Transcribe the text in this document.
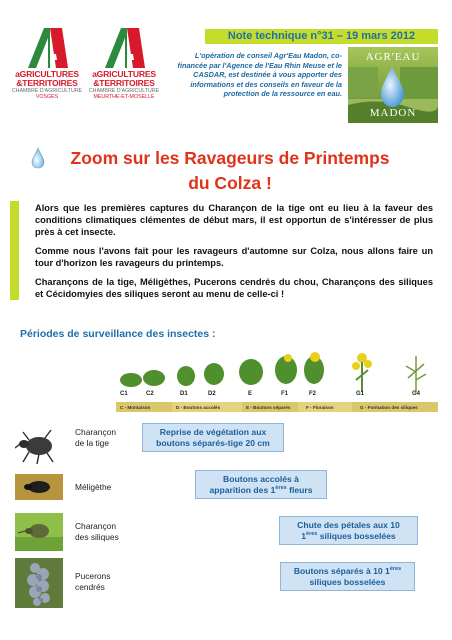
aGRICULTURES
&TERRITOIRES
CHAMBRE D'AGRICULTURE
VOSGES
aGRICULTURES
&TERRITOIRES
CHAMBRE D'AGRICULTURE
MEURTHE-ET-MOSELLE
Note technique n°31 – 19 mars 2012
L'opération de conseil Agr'Eau Madon, co-financée par l'Agence de l'Eau Rhin Meuse et le CASDAR, est destinée à vous apporter des informations et des conseils en faveur de la protection de la ressource en eau.
AGR'EAU
MADON
Zoom sur les Ravageurs de Printemps
du Colza !

Alors que les premières captures du Charançon de la tige ont eu lieu à la faveur des conditions climatiques clémentes de début mars, il est opportun de s'intéresser de plus près à cet insecte.

Comme nous l'avons fait pour les ravageurs d'automne sur Colza, nous allons faire un tour d'horizon les ravageurs du printemps.

Charançons de la tige, Méligèthes, Pucerons cendrés du chou, Charançons des siliques et Cécidomyies des siliques seront au menu de celle-ci !

Périodes de surveillance des insectes :
C1	C2	D1	D2	E	F1	F2	G1	G4
C - Montaison	D - Boutons accolés	E - Boutons séparés	F - Floraison	G - Formation des siliques
Charançon
de la tige
Reprise de végétation aux
boutons séparés-tige 20 cm
Méligèthe
Boutons accolés à
apparition des 1ères fleurs
Charançon
des siliques
Chute des pétales aux 10
1ères siliques bosselées
Pucerons
cendrés
Boutons séparés à 10 1ères
siliques bosselées
